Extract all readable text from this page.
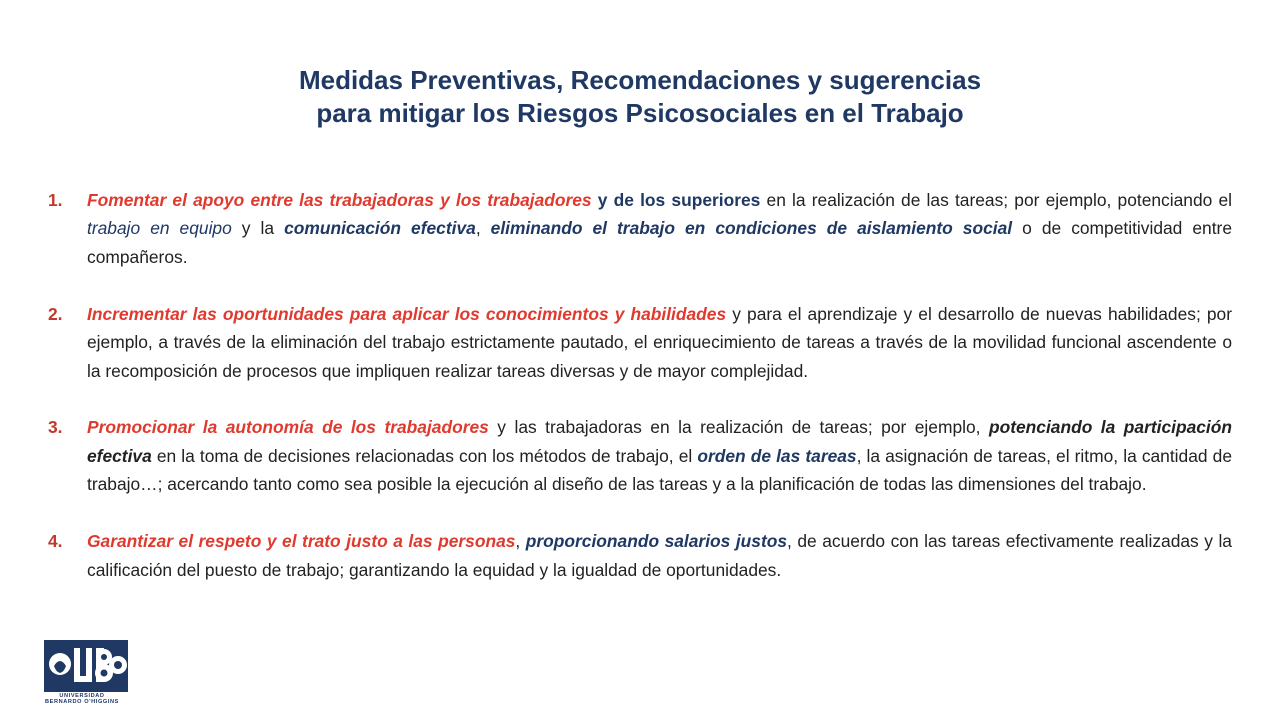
Medidas Preventivas, Recomendaciones y sugerencias
para mitigar los Riesgos Psicosociales en el Trabajo
1. Fomentar el apoyo entre las trabajadoras y los trabajadores y de los superiores en la realización de las tareas; por ejemplo, potenciando el trabajo en equipo y la comunicación efectiva, eliminando el trabajo en condiciones de aislamiento social o de competitividad entre compañeros.
2. Incrementar las oportunidades para aplicar los conocimientos y habilidades y para el aprendizaje y el desarrollo de nuevas habilidades; por ejemplo, a través de la eliminación del trabajo estrictamente pautado, el enriquecimiento de tareas a través de la movilidad funcional ascendente o la recomposición de procesos que impliquen realizar tareas diversas y de mayor complejidad.
3. Promocionar la autonomía de los trabajadores y las trabajadoras en la realización de tareas; por ejemplo, potenciando la participación efectiva en la toma de decisiones relacionadas con los métodos de trabajo, el orden de las tareas, la asignación de tareas, el ritmo, la cantidad de trabajo…; acercando tanto como sea posible la ejecución al diseño de las tareas y a la planificación de todas las dimensiones del trabajo.
4. Garantizar el respeto y el trato justo a las personas, proporcionando salarios justos, de acuerdo con las tareas efectivamente realizadas y la calificación del puesto de trabajo; garantizando la equidad y la igualdad de oportunidades.
UNIVERSIDAD
BERNARDO O'HIGGINS
